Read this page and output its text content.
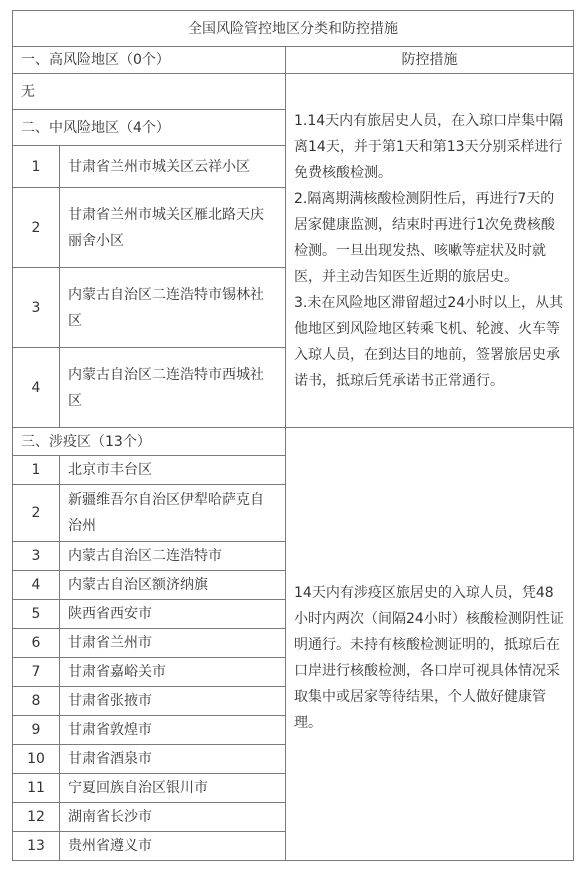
全国风险管控地区分类和防控措施		
一、高风险地区（0个）		防控措施
无		1.14天内有旅居史人员，在入琼口岸集中隔离14天，并于第1天和第13天分别采样进行免费核酸检测。

2.隔离期满核酸检测阴性后，再进行7天的居家健康监测，结束时再进行1次免费核酸检测。一旦出现发热、咳嗽等症状及时就医，并主动告知医生近期的旅居史。

3.未在风险地区滞留超过24小时以上，从其他地区到风险地区转乘飞机、轮渡、火车等入琼人员，在到达目的地前，签署旅居史承诺书，抵琼后凭承诺书正常通行。

二、中风险地区（4个）		
1	甘肃省兰州市城关区云祥小区	
2	甘肃省兰州市城关区雁北路天庆丽舍小区	
3	内蒙古自治区二连浩特市锡林社区	
4	内蒙古自治区二连浩特市西城社区	
三、涉疫区（13个）		
1	北京市丰台区	14天内有涉疫区旅居史的入琼人员，凭48小时内两次（间隔24小时）核酸检测阴性证明通行。未持有核酸检测证明的，抵琼后在口岸进行核酸检测，各口岸可视具体情况采取集中或居家等待结果，个人做好健康管理。
2	新疆维吾尔自治区伊犁哈萨克自治州	
3	内蒙古自治区二连浩特市	
4	内蒙古自治区额济纳旗	
5	陕西省西安市	
6	甘肃省兰州市	
7	甘肃省嘉峪关市	
8	甘肃省张掖市	
9	甘肃省敦煌市	
10	甘肃省酒泉市	
11	宁夏回族自治区银川市	
12	湖南省长沙市	
13	贵州省遵义市	
